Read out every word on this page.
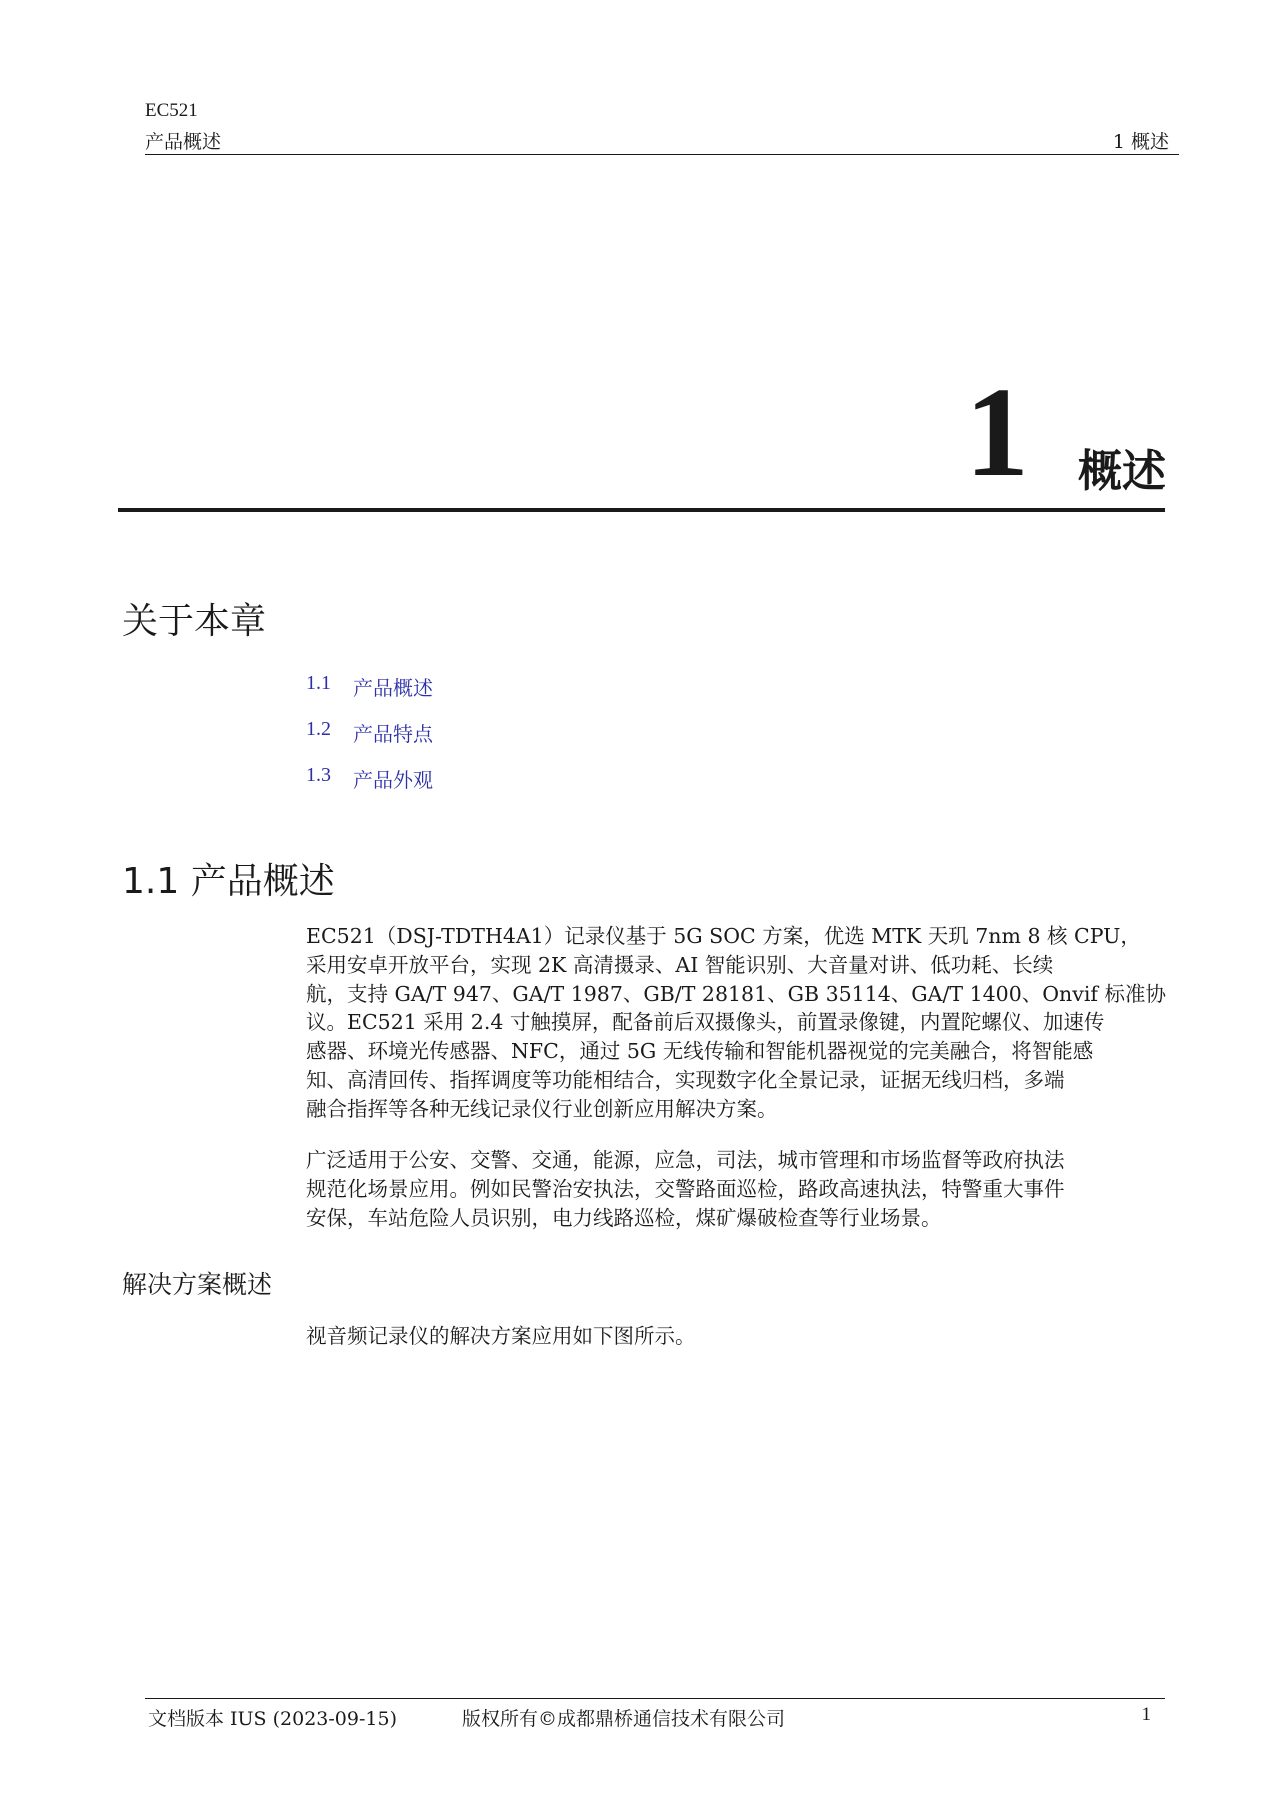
EC521
产品概述	1 概述
1 概述
关于本章
1.1 产品概述
1.2 产品特点
1.3 产品外观
1.1 产品概述
EC521（DSJ-TDTH4A1）记录仪基于 5G SOC 方案，优选 MTK 天玑 7nm 8 核 CPU，
采用安卓开放平台，实现 2K 高清摄录、AI 智能识别、大音量对讲、低功耗、长续
航，支持 GA/T 947、GA/T 1987、GB/T 28181、GB 35114、GA/T 1400、Onvif 标准协
议。EC521 采用 2.4 寸触摸屏，配备前后双摄像头，前置录像键，内置陀螺仪、加速传
感器、环境光传感器、NFC，通过 5G 无线传输和智能机器视觉的完美融合，将智能感
知、高清回传、指挥调度等功能相结合，实现数字化全景记录，证据无线归档，多端
融合指挥等各种无线记录仪行业创新应用解决方案。
广泛适用于公安、交警、交通，能源，应急，司法，城市管理和市场监督等政府执法
规范化场景应用。例如民警治安执法，交警路面巡检，路政高速执法，特警重大事件
安保，车站危险人员识别，电力线路巡检，煤矿爆破检查等行业场景。
解决方案概述
视音频记录仪的解决方案应用如下图所示。
文档版本 IUS (2023-09-15)	版权所有©成都鼎桥通信技术有限公司	1
